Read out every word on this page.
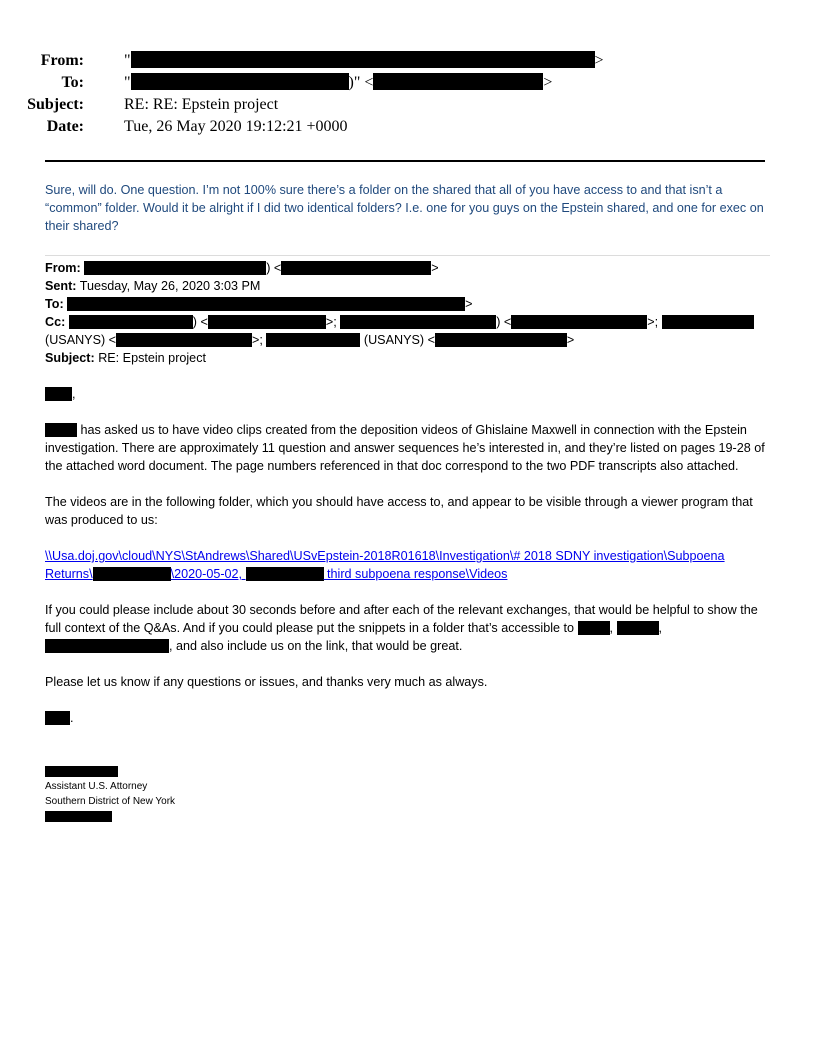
From:	"	>
To:	"	)" <	>
Subject:	RE: RE: Epstein project
Date:	Tue, 26 May 2020 19:12:21 +0000
Sure, will do. One question. I’m not 100% sure there’s a folder on the shared that all of you have access to and that isn’t a “common” folder. Would it be alright if I did two identical folders? I.e. one for you guys on the Epstein shared, and one for exec on their shared?
From:	) <	>
Sent: Tuesday, May 26, 2020 3:03 PM
To:	>
Cc:	) <	>;	) <	>;
(USANYS) <	>;	(USANYS) <	>

Subject: RE: Epstein project

,

has asked us to have video clips created from the deposition videos of Ghislaine Maxwell in connection with the Epstein investigation. There are approximately 11 question and answer sequences he’s interested in, and they’re listed on pages 19-28 of the attached word document. The page numbers referenced in that doc correspond to the two PDF transcripts also attached.

The videos are in the following folder, which you should have access to, and appear to be visible through a viewer program that was produced to us:

\\Usa.doj.gov\cloud\NYS\StAndrews\Shared\USvEpstein-2018R01618\Investigation\# 2018 SDNY investigation\Subpoena Returns\	\2020-05-02,	third subpoena response\Videos

If you could please include about 30 seconds before and after each of the relevant exchanges, that would be helpful to show the full context of the Q&As. And if you could please put the snippets in a folder that’s accessible to	,	, , and also include us on the link, that would be great.

Please let us know if any questions or issues, and thanks very much as always.

.

Assistant U.S. Attorney
Southern District of New York
